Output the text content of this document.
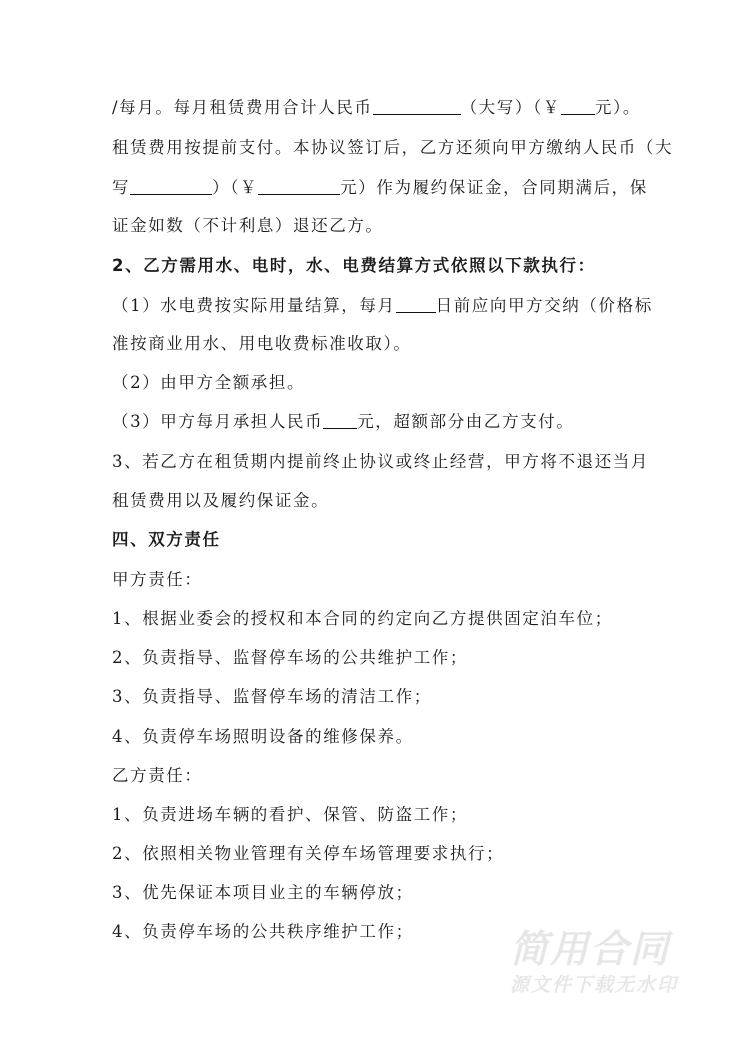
/每月。每月租赁费用合计人民币	（大写）（￥ 元）。
租赁费用按提前支付。本协议签订后，乙方还须向甲方缴纳人民币（大
写	）（￥	元）作为履约保证金，合同期满后，保
证金如数（不计利息）退还乙方。
2、乙方需用水、电时，水、电费结算方式依照以下款执行：
（1）水电费按实际用量结算，每月 日前应向甲方交纳（价格标
准按商业用水、用电收费标准收取）。
（2）由甲方全额承担。
（3）甲方每月承担人民币 元，超额部分由乙方支付。
3、若乙方在租赁期内提前终止协议或终止经营，甲方将不退还当月
租赁费用以及履约保证金。
四、双方责任
甲方责任：
1、根据业委会的授权和本合同的约定向乙方提供固定泊车位；
2、负责指导、监督停车场的公共维护工作；
3、负责指导、监督停车场的清洁工作；
4、负责停车场照明设备的维修保养。
乙方责任：
1、负责进场车辆的看护、保管、防盗工作；
2、依照相关物业管理有关停车场管理要求执行；
3、优先保证本项目业主的车辆停放；
4、负责停车场的公共秩序维护工作；	简用合同
源文件下载无水印
